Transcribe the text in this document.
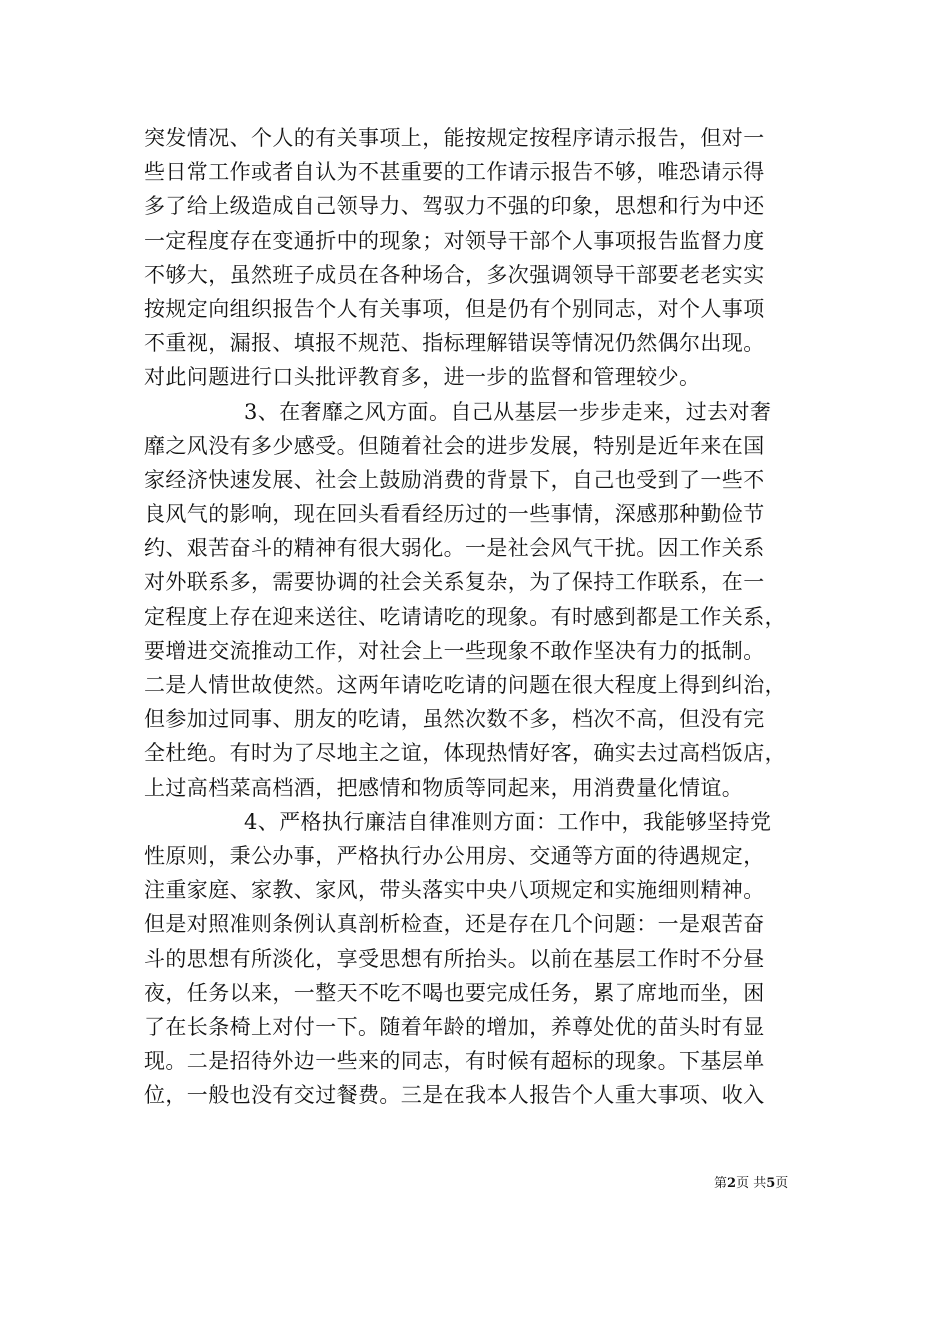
突发情况、个人的有关事项上，能按规定按程序请示报告，但对一
些日常工作或者自认为不甚重要的工作请示报告不够，唯恐请示得
多了给上级造成自己领导力、驾驭力不强的印象，思想和行为中还
一定程度存在变通折中的现象；对领导干部个人事项报告监督力度
不够大，虽然班子成员在各种场合，多次强调领导干部要老老实实
按规定向组织报告个人有关事项，但是仍有个别同志，对个人事项
不重视，漏报、填报不规范、指标理解错误等情况仍然偶尔出现。
对此问题进行口头批评教育多，进一步的监督和管理较少。
3、在奢靡之风方面。自己从基层一步步走来，过去对奢
靡之风没有多少感受。但随着社会的进步发展，特别是近年来在国
家经济快速发展、社会上鼓励消费的背景下，自己也受到了一些不
良风气的影响，现在回头看看经历过的一些事情，深感那种勤俭节
约、艰苦奋斗的精神有很大弱化。一是社会风气干扰。因工作关系
对外联系多，需要协调的社会关系复杂，为了保持工作联系，在一
定程度上存在迎来送往、吃请请吃的现象。有时感到都是工作关系，
要增进交流推动工作，对社会上一些现象不敢作坚决有力的抵制。
二是人情世故使然。这两年请吃吃请的问题在很大程度上得到纠治，
但参加过同事、朋友的吃请，虽然次数不多，档次不高，但没有完
全杜绝。有时为了尽地主之谊，体现热情好客，确实去过高档饭店，
上过高档菜高档酒，把感情和物质等同起来，用消费量化情谊。
4、严格执行廉洁自律准则方面：工作中，我能够坚持党
性原则，秉公办事，严格执行办公用房、交通等方面的待遇规定，
注重家庭、家教、家风，带头落实中央八项规定和实施细则精神。
但是对照准则条例认真剖析检查，还是存在几个问题：一是艰苦奋
斗的思想有所淡化，享受思想有所抬头。以前在基层工作时不分昼
夜，任务以来，一整天不吃不喝也要完成任务，累了席地而坐，困
了在长条椅上对付一下。随着年龄的增加，养尊处优的苗头时有显
现。二是招待外边一些来的同志，有时候有超标的现象。下基层单
位，一般也没有交过餐费。三是在我本人报告个人重大事项、收入
第2页 共5页
